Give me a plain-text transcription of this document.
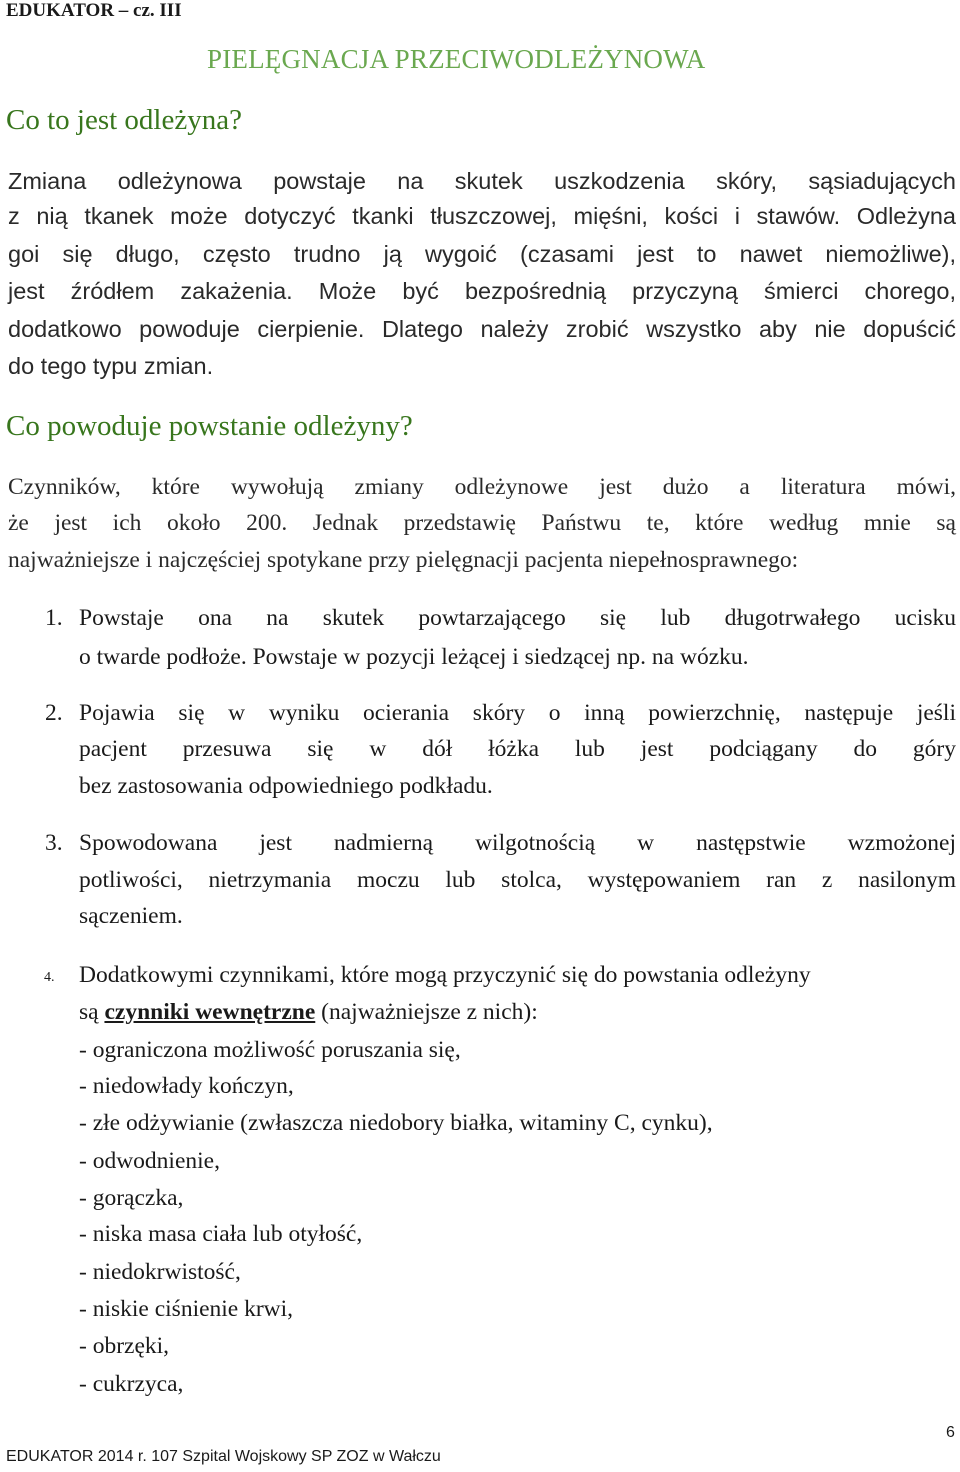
EDUKATOR – cz. III
PIELĘGNACJA PRZECIWODLEŻYNOWA
Co to jest odleżyna?
Zmiana odleżynowa powstaje na skutek uszkodzenia skóry, sąsiadujących
z nią tkanek może dotyczyć tkanki tłuszczowej, mięśni, kości i stawów. Odleżyna
goi się długo, często trudno ją wygoić (czasami jest to nawet niemożliwe),
jest źródłem zakażenia. Może być bezpośrednią przyczyną śmierci chorego,
dodatkowo powoduje cierpienie. Dlatego należy zrobić wszystko aby nie dopuścić
do tego typu zmian.
Co powoduje powstanie odleżyny?
Czynników, które wywołują zmiany odleżynowe jest dużo a literatura mówi,
że jest ich około 200. Jednak przedstawię Państwu te, które według mnie są
najważniejsze i najczęściej spotykane przy pielęgnacji pacjenta niepełnosprawnego:
1. Powstaje ona na skutek powtarzającego się lub długotrwałego ucisku
o twarde podłoże. Powstaje w pozycji leżącej i siedzącej np. na wózku.
2. Pojawia się w wyniku ocierania skóry o inną powierzchnię, następuje jeśli
pacjent przesuwa się w dół łóżka lub jest podciągany do góry
bez zastosowania odpowiedniego podkładu.
3. Spowodowana jest nadmierną wilgotnością w następstwie wzmożonej
potliwości, nietrzymania moczu lub stolca, występowaniem ran z nasilonym
sączeniem.
4. Dodatkowymi czynnikami, które mogą przyczynić się do powstania odleżyny
są czynniki wewnętrzne (najważniejsze z nich):
- ograniczona możliwość poruszania się,
- niedowłady kończyn,
- złe odżywianie (zwłaszcza niedobory białka, witaminy C, cynku),
- odwodnienie,
- gorączka,
- niska masa ciała lub otyłość,
- niedokrwistość,
- niskie ciśnienie krwi,
- obrzęki,
- cukrzyca,
6
EDUKATOR 2014 r. 107 Szpital Wojskowy SP ZOZ w Wałczu
